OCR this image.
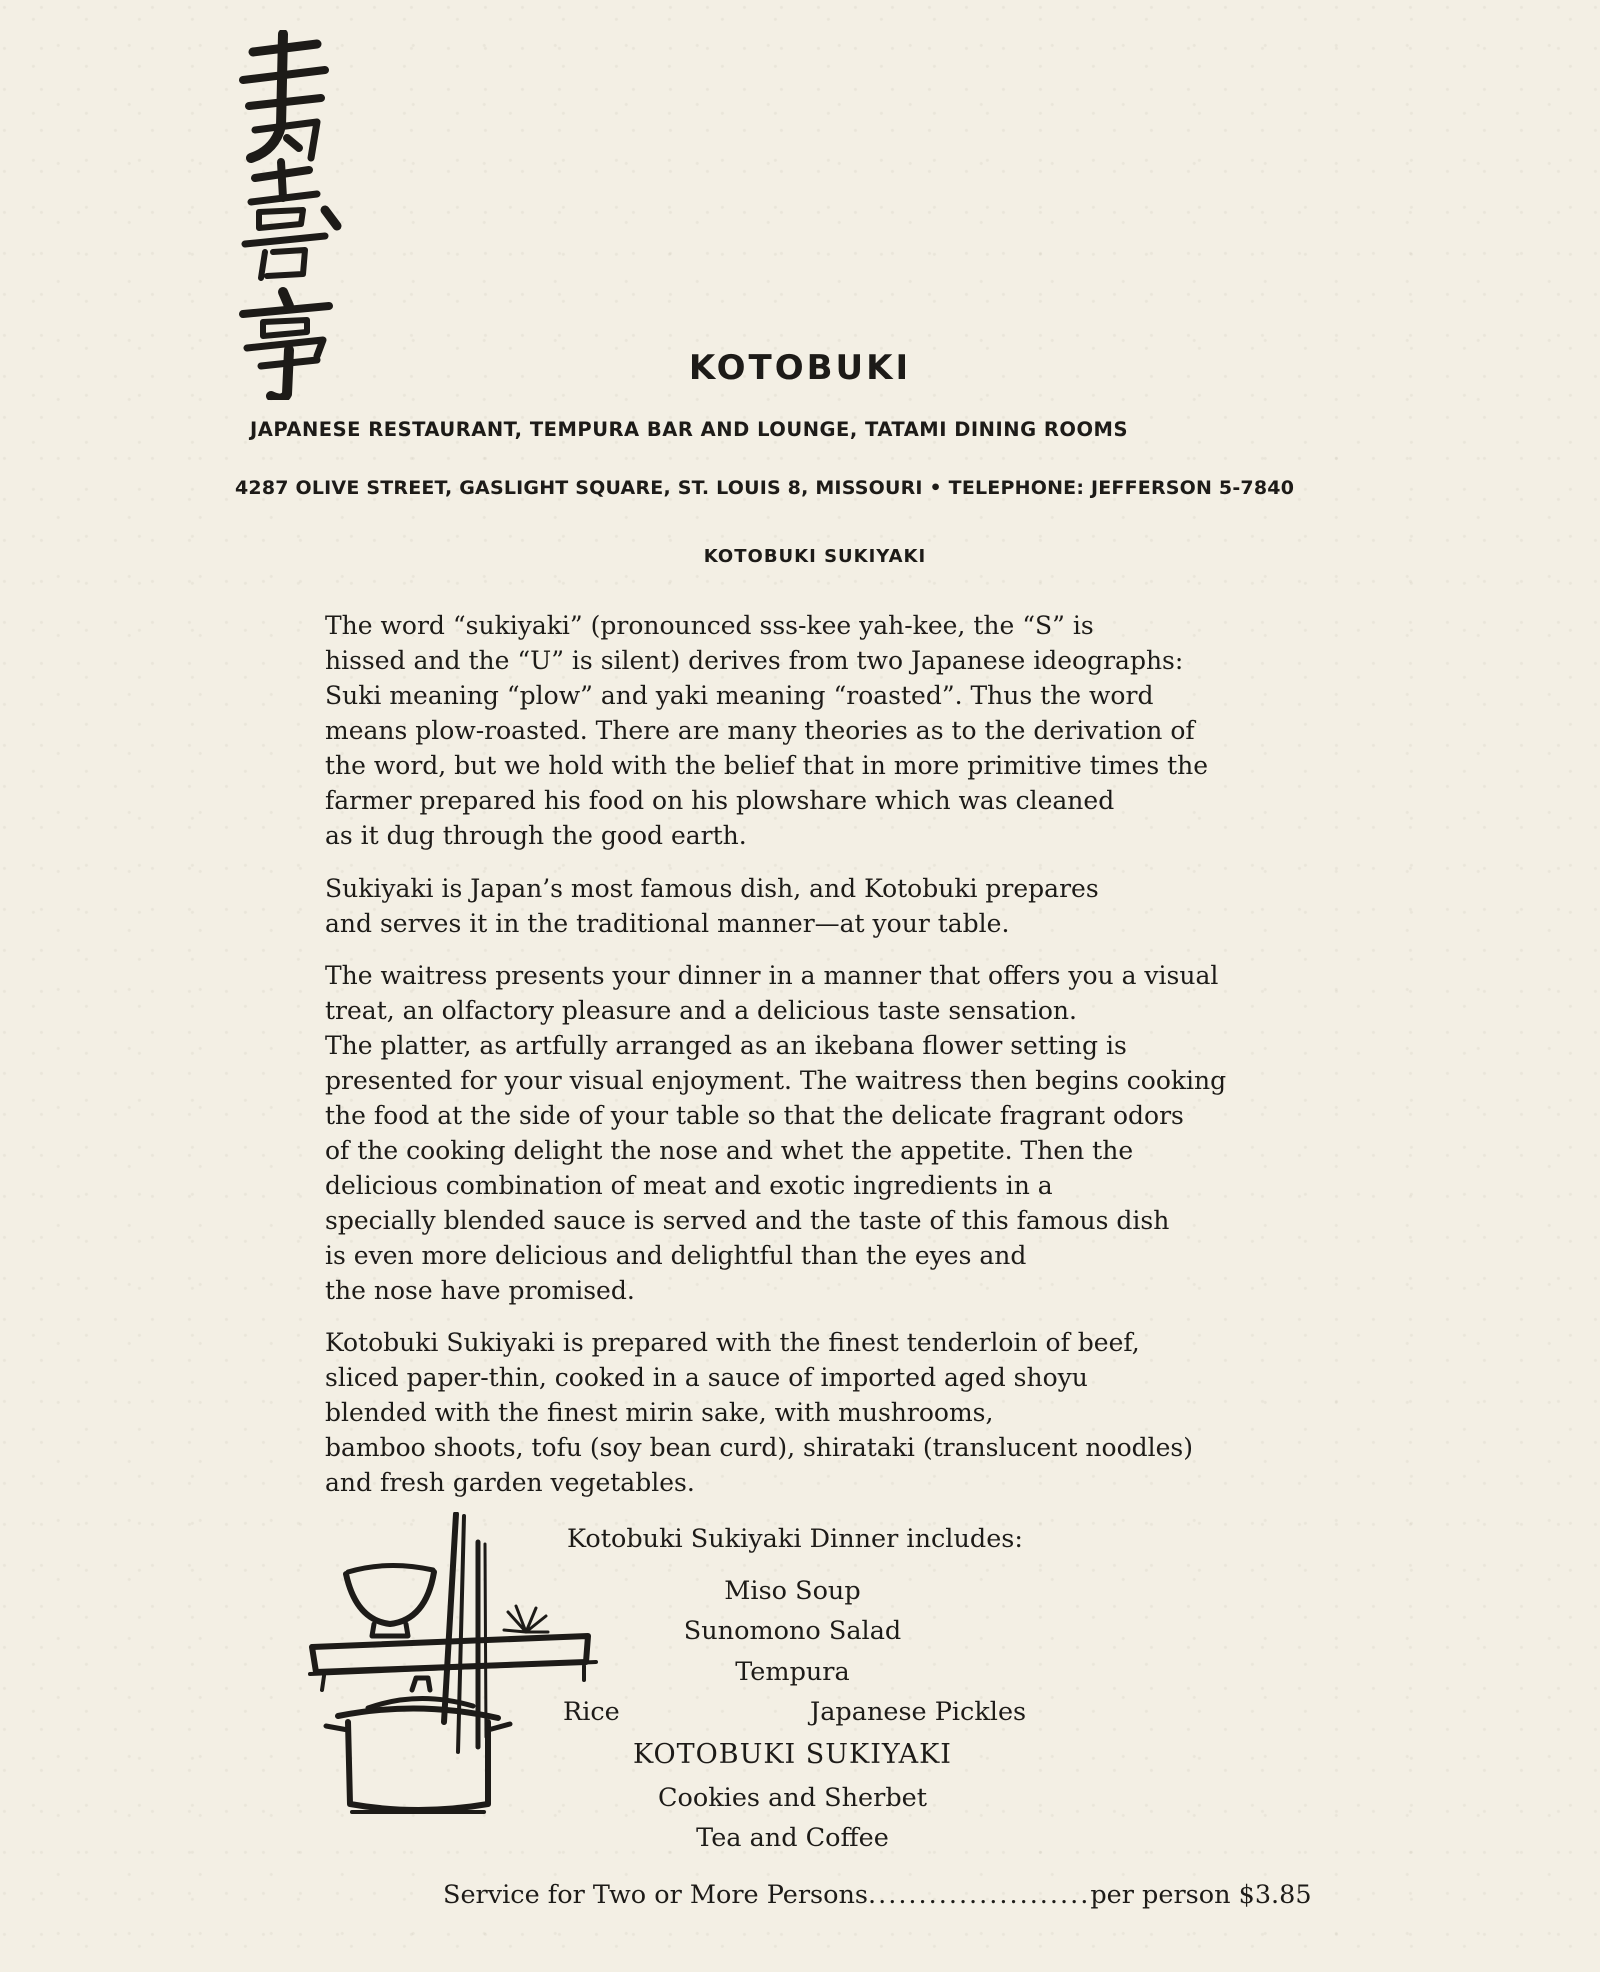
KOTOBUKI
JAPANESE RESTAURANT, TEMPURA BAR AND LOUNGE, TATAMI DINING ROOMS
4287 OLIVE STREET, GASLIGHT SQUARE, ST. LOUIS 8, MISSOURI • TELEPHONE: JEFFERSON 5-7840
KOTOBUKI SUKIYAKI
The word “sukiyaki” (pronounced sss-kee yah-kee, the “S” is
hissed and the “U” is silent) derives from two Japanese ideographs:
Suki meaning “plow” and yaki meaning “roasted”. Thus the word
means plow-roasted. There are many theories as to the derivation of
the word, but we hold with the belief that in more primitive times the
farmer prepared his food on his plowshare which was cleaned
as it dug through the good earth.
Sukiyaki is Japan’s most famous dish, and Kotobuki prepares
and serves it in the traditional manner—at your table.
The waitress presents your dinner in a manner that offers you a visual
treat, an olfactory pleasure and a delicious taste sensation.
The platter, as artfully arranged as an ikebana flower setting is
presented for your visual enjoyment. The waitress then begins cooking
the food at the side of your table so that the delicate fragrant odors
of the cooking delight the nose and whet the appetite. Then the
delicious combination of meat and exotic ingredients in a
specially blended sauce is served and the taste of this famous dish
is even more delicious and delightful than the eyes and
the nose have promised.
Kotobuki Sukiyaki is prepared with the finest tenderloin of beef,
sliced paper-thin, cooked in a sauce of imported aged shoyu
blended with the finest mirin sake, with mushrooms,
bamboo shoots, tofu (soy bean curd), shirataki (translucent noodles)
and fresh garden vegetables.
Kotobuki Sukiyaki Dinner includes:
Miso Soup
Sunomono Salad
Tempura
Rice	Japanese Pickles
KOTOBUKI SUKIYAKI
Cookies and Sherbet
Tea and Coffee
Service for Two or More Persons......................per person $3.85
